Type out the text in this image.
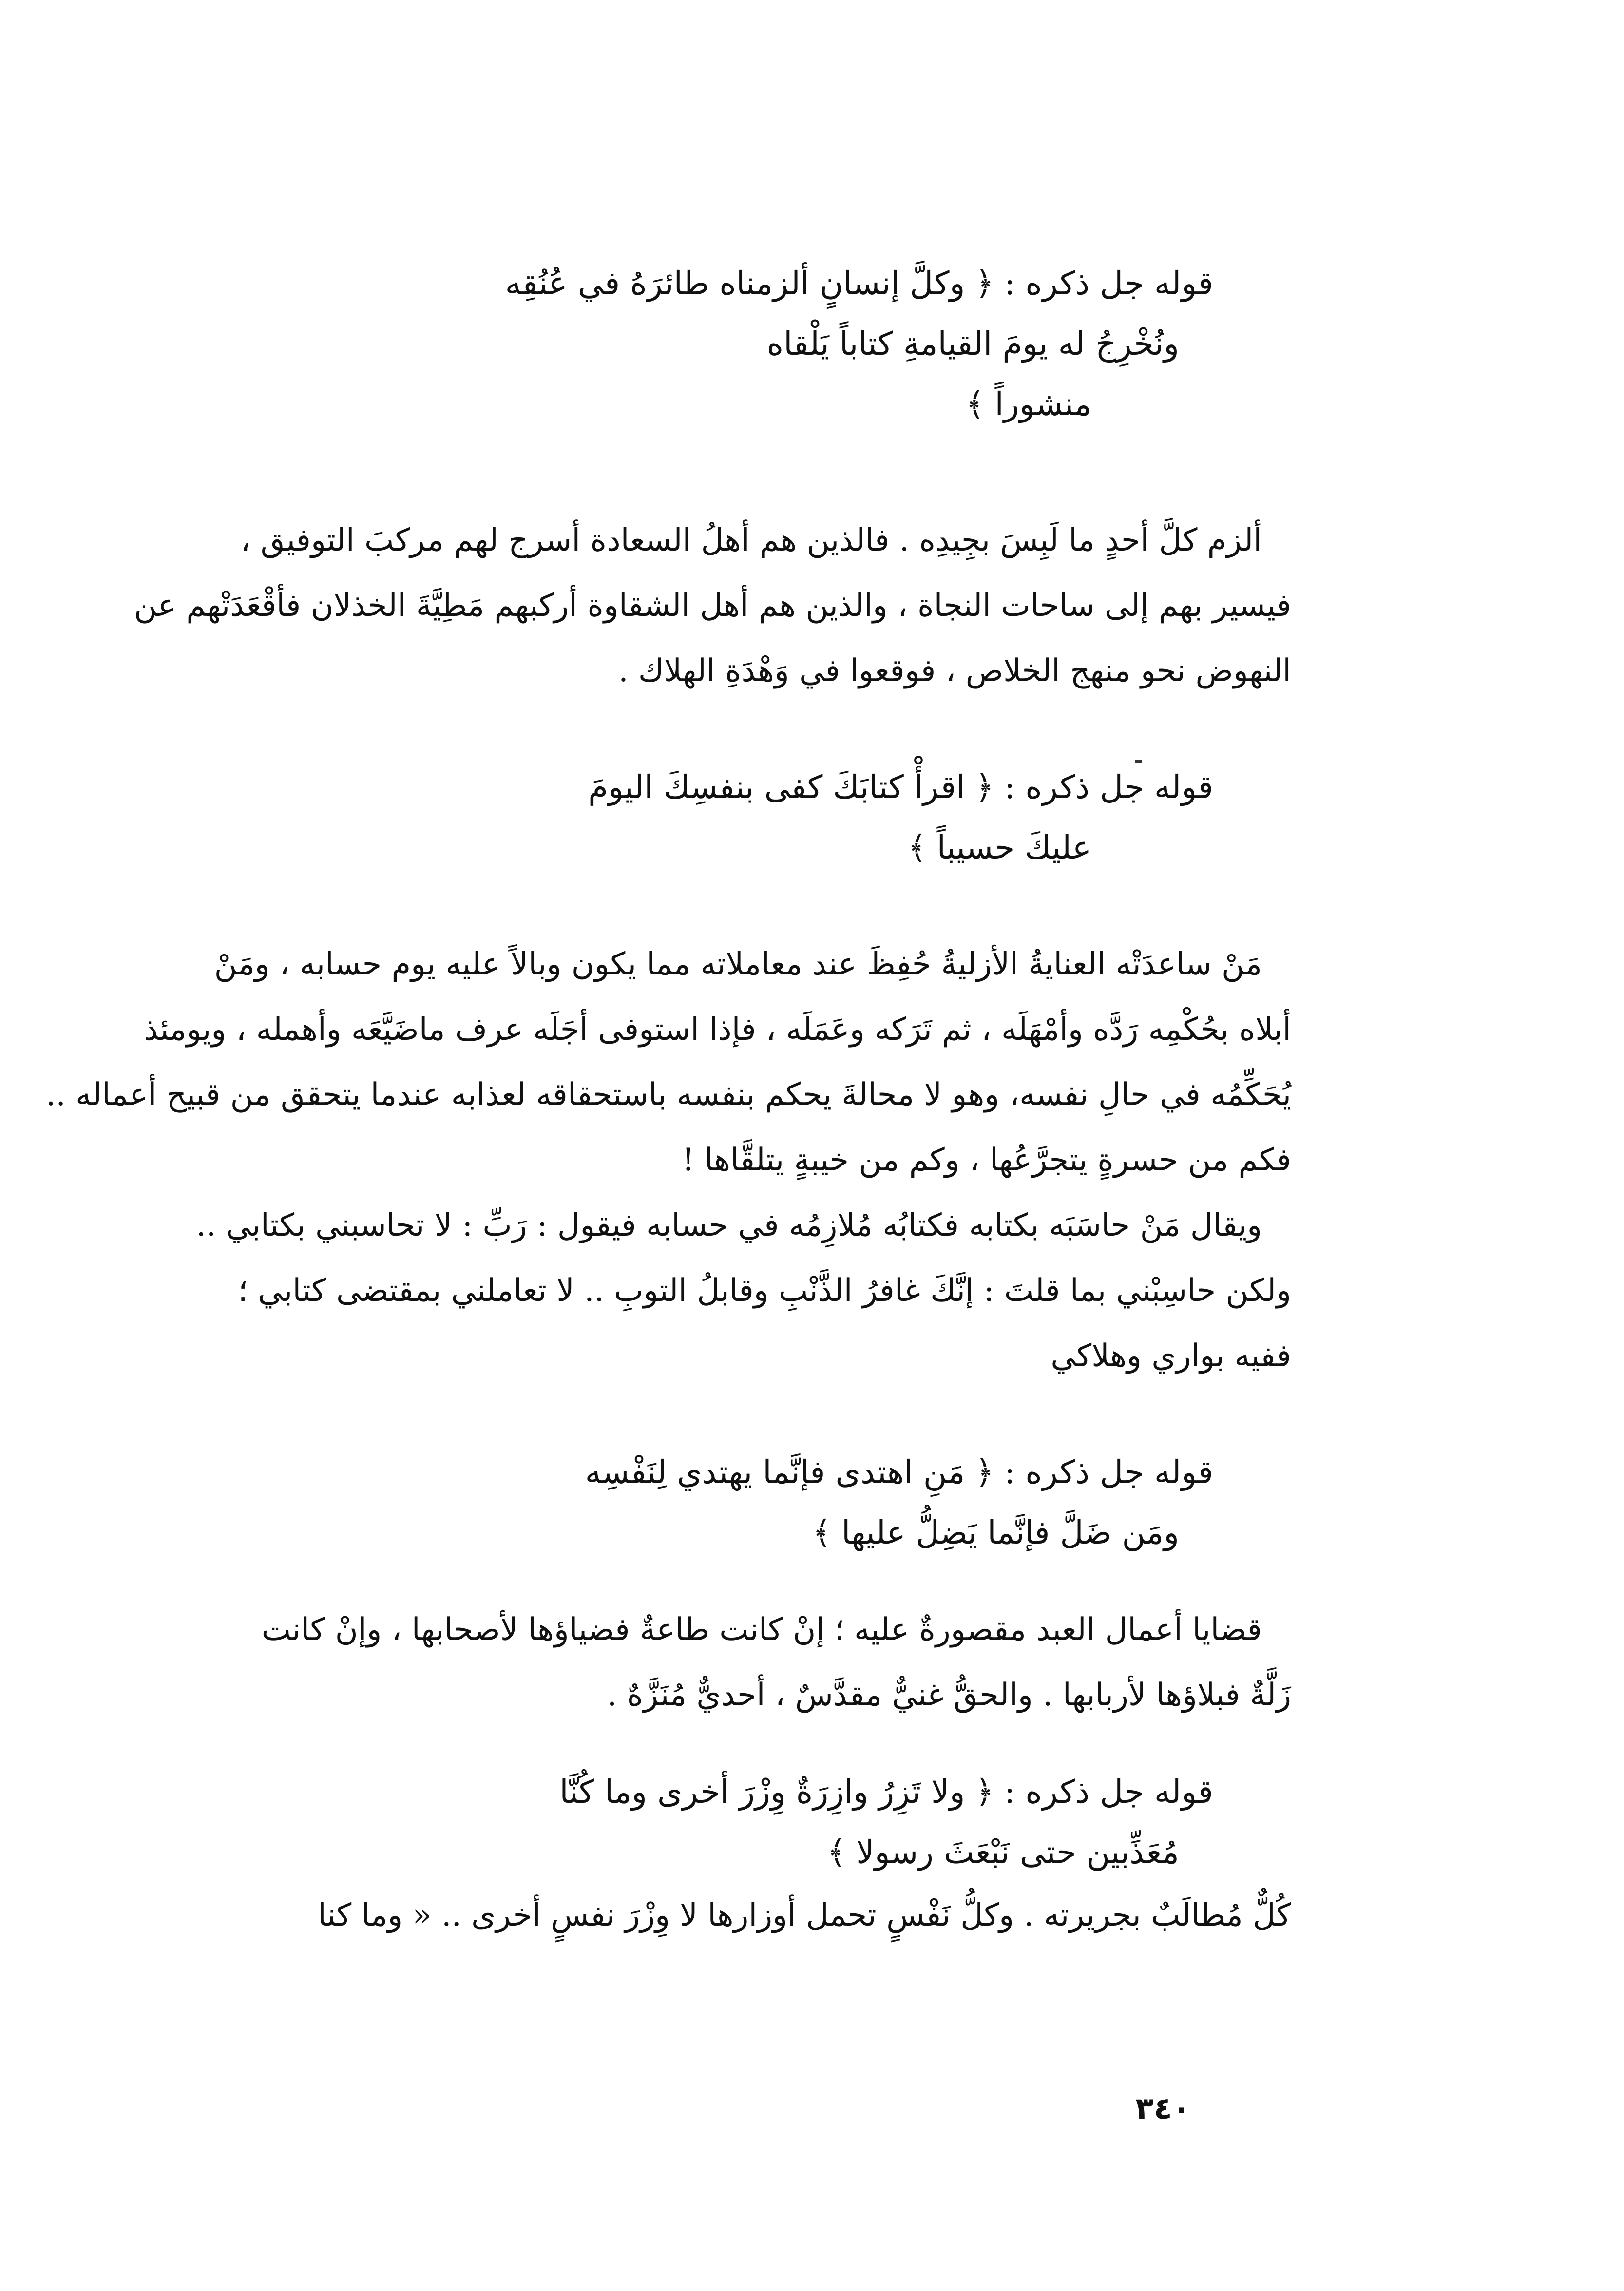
قوله جل ذكره : ﴿ وكلَّ إنسانٍ ألزمناه طائرَهُ في عُنُقِه
ونُخْرِجُ له يومَ القيامةِ كتاباً يَلْقاه
منشوراً ﴾
ألزم كلَّ أحدٍ ما لَبِسَ بجِيدِه . فالذين هم أهلُ السعادة أسرج لهم مركبَ التوفيق ،
فيسير بهم إلى ساحات النجاة ، والذين هم أهل الشقاوة أركبهم مَطِيَّةَ الخذلان فأقْعَدَتْهم عن
النهوض نحو منهج الخلاص ، فوقعوا في وَهْدَةِ الهلاك .
قوله جل ذكره : ﴿ اقرأْ كتابَكَ كفى بنفسِكَ اليومَ
عليكَ حسيباً ﴾
مَنْ ساعدَتْه العنايةُ الأزليةُ حُفِظَ عند معاملاته مما يكون وبالاً عليه يوم حسابه ، ومَنْ
أبلاه بحُكْمِه رَدَّه وأمْهَلَه ، ثم تَرَكه وعَمَلَه ، فإذا استوفى أجَلَه عرف ماضَيَّعَه وأهمله ، ويومئذ
يُحَكِّمُه في حالِ نفسه، وهو لا محالةَ يحكم بنفسه باستحقاقه لعذابه عندما يتحقق من قبيح أعماله ..
فكم من حسرةٍ يتجرَّعُها ، وكم من خيبةٍ يتلقَّاها !
ويقال مَنْ حاسَبَه بكتابه فكتابُه مُلازِمُه في حسابه فيقول : رَبِّ : لا تحاسبني بكتابي ..
ولكن حاسِبْني بما قلتَ : إنَّكَ غافرُ الذَّنْبِ وقابلُ التوبِ .. لا تعاملني بمقتضى كتابي ؛
ففيه بواري وهلاكي
قوله جل ذكره : ﴿ مَنِ اهتدى فإنَّما يهتدي لِنَفْسِه
ومَن ضَلَّ فإنَّما يَضِلُّ عليها ﴾
قضايا أعمال العبد مقصورةٌ عليه ؛ إنْ كانت طاعةٌ فضياؤها لأصحابها ، وإنْ كانت
زَلَّةٌ فبلاؤها لأربابها . والحقُّ غنيٌّ مقدَّسٌ ، أحديٌّ مُنَزَّهٌ .
قوله جل ذكره : ﴿ ولا تَزِرُ وازِرَةٌ وِزْرَ أخرى وما كُنَّا
مُعَذِّبين حتى نَبْعَثَ رسولا ﴾
كُلٌّ مُطالَبٌ بجريرته . وكلُّ نَفْسٍ تحمل أوزارها لا وِزْرَ نفسٍ أخرى .. « وما كنا
٣٤٠
